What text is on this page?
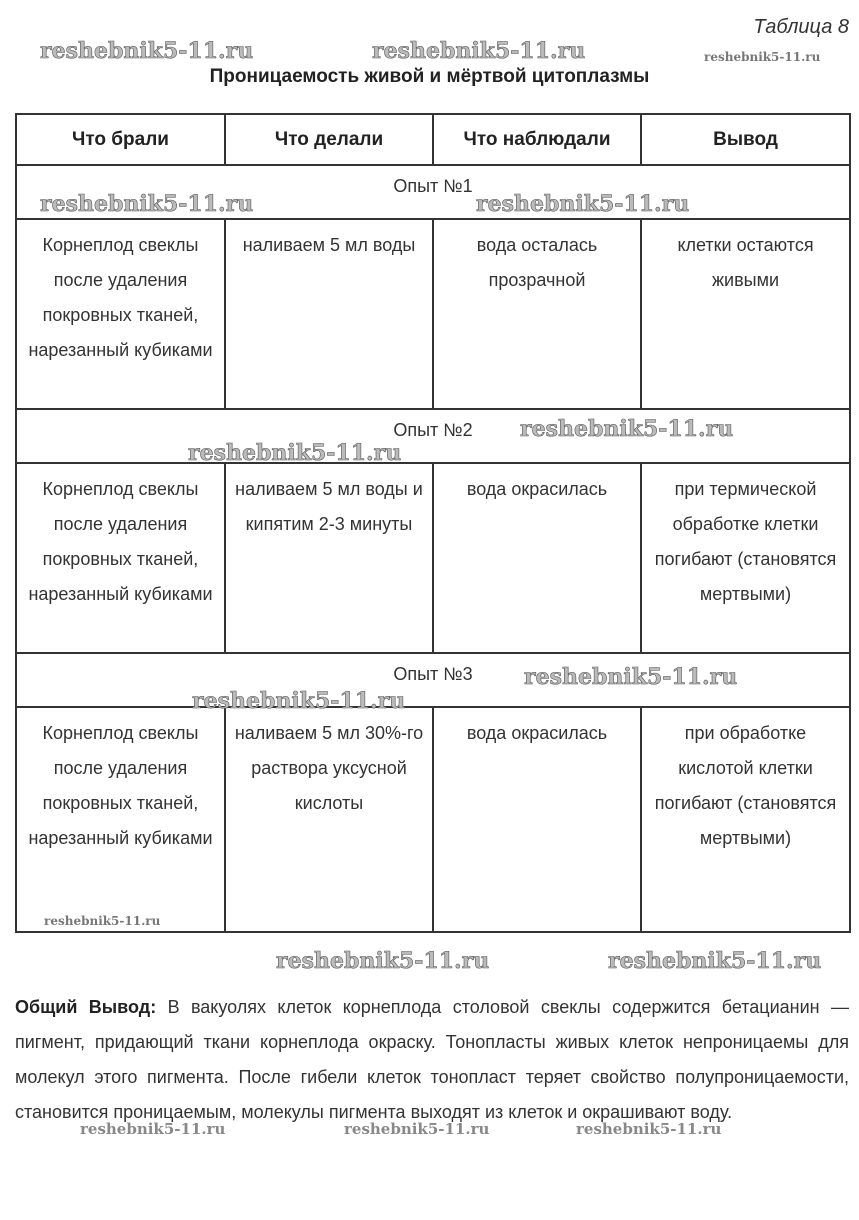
Таблица 8
Проницаемость живой и мёртвой цитоплазмы
Что брали	Что делали	Что наблюдали	Вывод
Опыт №1			
Корнеплод свеклы после удаления покровных тканей, нарезанный кубиками	наливаем 5 мл воды	вода осталась прозрачной	клетки остаются живыми
Опыт №2			
Корнеплод свеклы после удаления покровных тканей, нарезанный кубиками	наливаем 5 мл воды и кипятим 2-3 минуты	вода окрасилась	при термической обработке клетки погибают (становятся мертвыми)
Опыт №3			
Корнеплод свеклы после удаления покровных тканей, нарезанный кубиками	наливаем 5 мл 30%-го раствора уксусной кислоты	вода окрасилась	при обработке кислотой клетки погибают (становятся мертвыми)
Общий Вывод: В вакуолях клеток корнеплода столовой свеклы содержится бетацианин — пигмент, придающий ткани корнеплода окраску. Тонопласты живых клеток непроницаемы для молекул этого пигмента. После гибели клеток тонопласт теряет свойство полупроницаемости, становится проницаемым, молекулы пигмента выходят из клеток и окрашивают воду.
reshebnik5-11.ru	reshebnik5-11.ru	reshebnik5-11.ru
reshebnik5-11.ru	reshebnik5-11.ru
reshebnik5-11.ru
reshebnik5-11.ru
reshebnik5-11.ru
reshebnik5-11.ru
reshebnik5-11.ru
reshebnik5-11.ru	reshebnik5-11.ru
reshebnik5-11.ru	reshebnik5-11.ru	reshebnik5-11.ru
